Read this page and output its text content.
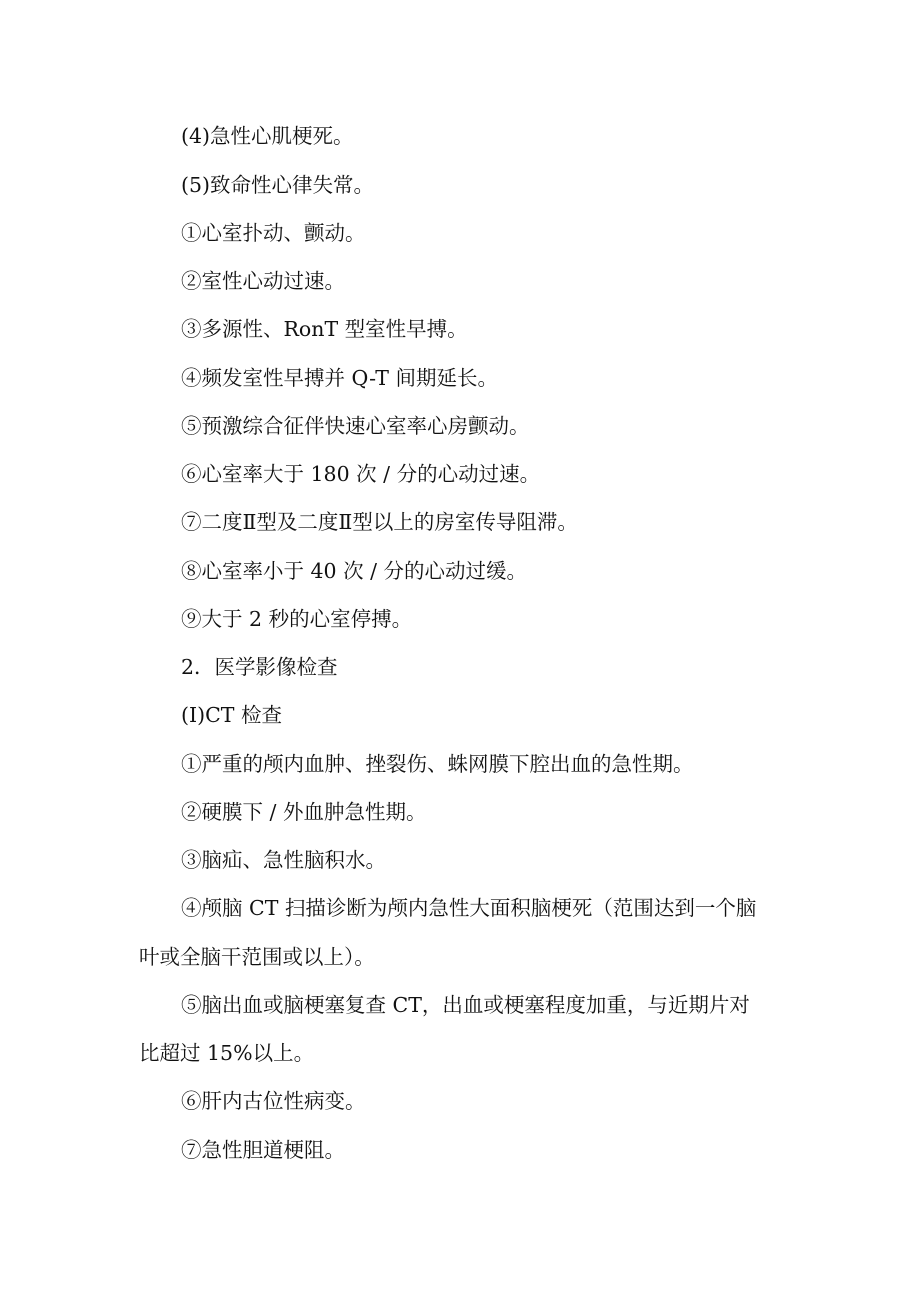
(4)急性心肌梗死。
(5)致命性心律失常。
①心室扑动、颤动。
②室性心动过速。
③多源性、RonT 型室性早搏。
④频发室性早搏并 Q-T 间期延长。
⑤预激综合征伴快速心室率心房颤动。
⑥心室率大于 180 次 / 分的心动过速。
⑦二度Ⅱ型及二度Ⅱ型以上的房室传导阻滞。
⑧心室率小于 40 次 / 分的心动过缓。
⑨大于 2 秒的心室停搏。
2．医学影像检查
(I)CT 检查
①严重的颅内血肿、挫裂伤、蛛网膜下腔出血的急性期。
②硬膜下 / 外血肿急性期。
③脑疝、急性脑积水。
④颅脑 CT 扫描诊断为颅内急性大面积脑梗死（范围达到一个脑
叶或全脑干范围或以上）。
⑤脑出血或脑梗塞复查 CT，出血或梗塞程度加重，与近期片对
比超过 15%以上。
⑥肝内古位性病变。
⑦急性胆道梗阻。
